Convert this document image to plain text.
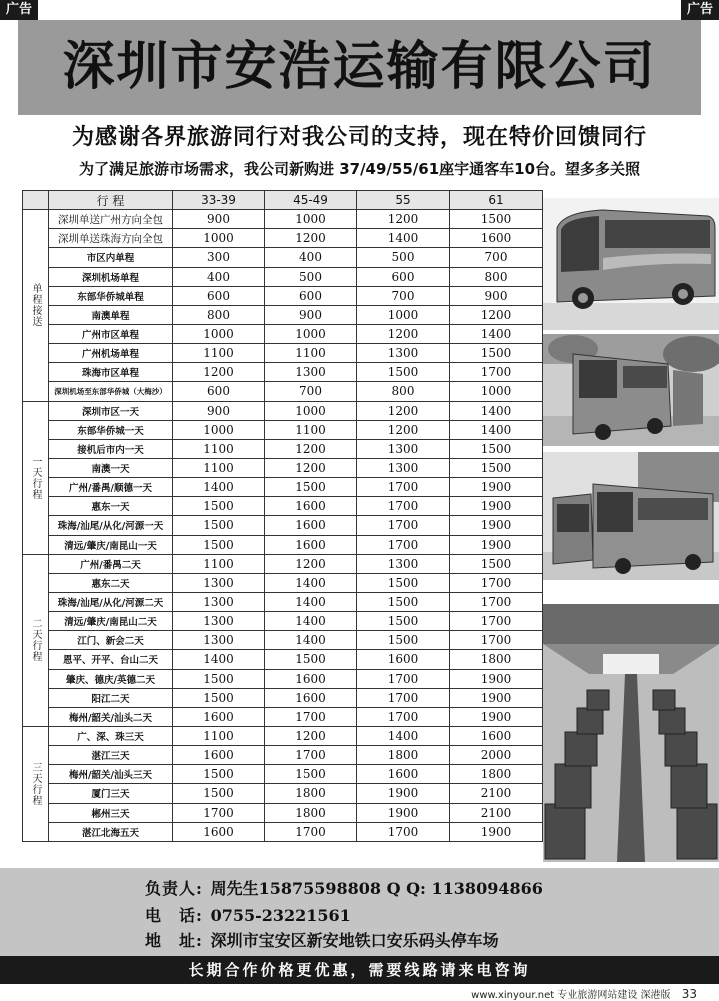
广告	广告
深圳市安浩运输有限公司
为感谢各界旅游同行对我公司的支持，现在特价回馈同行
为了满足旅游市场需求，我公司新购进 37/49/55/61座宇通客车10台。望多多关照
	行 程	33-39	45-49	55	61
单程接送	深圳单送广州方向全包	900	1000	1200	1500
	深圳单送珠海方向全包	1000	1200	1400	1600
	市区内单程	300	400	500	700
	深圳机场单程	400	500	600	800
	东部华侨城单程	600	600	700	900
	南澳单程	800	900	1000	1200
	广州市区单程	1000	1000	1200	1400
	广州机场单程	1100	1100	1300	1500
	珠海市区单程	1200	1300	1500	1700
	深圳机场至东部华侨城（大梅沙）	600	700	800	1000
一天行程	深圳市区一天	900	1000	1200	1400
	东部华侨城一天	1000	1100	1200	1400
	接机后市内一天	1100	1200	1300	1500
	南澳一天	1100	1200	1300	1500
	广州/番禺/顺德一天	1400	1500	1700	1900
	惠东一天	1500	1600	1700	1900
	珠海/汕尾/从化/河源一天	1500	1600	1700	1900
	清远/肇庆/南昆山一天	1500	1600	1700	1900
二天行程	广州/番禺二天	1100	1200	1300	1500
	惠东二天	1300	1400	1500	1700
	珠海/汕尾/从化/河源二天	1300	1400	1500	1700
	清远/肇庆/南昆山二天	1300	1400	1500	1700
	江门、新会二天	1300	1400	1500	1700
	恩平、开平、台山二天	1400	1500	1600	1800
	肇庆、德庆/英德二天	1500	1600	1700	1900
	阳江二天	1500	1600	1700	1900
	梅州/韶关/汕头二天	1600	1700	1700	1900
三天行程	广、深、珠三天	1100	1200	1400	1600
	湛江三天	1600	1700	1800	2000
	梅州/韶关/汕头三天	1500	1500	1600	1800
	厦门三天	1500	1800	1900	2100
	郴州三天	1700	1800	1900	2100
	湛江北海五天	1600	1700	1700	1900
负责人: 周先生15875598808 Q Q: 1138094866
电　话: 0755-23221561
地　址: 深圳市宝安区新安地铁口安乐码头停车场
长期合作价格更优惠，需要线路请来电咨询
www.xinyour.net 专业旅游网站建设 深港版 33
